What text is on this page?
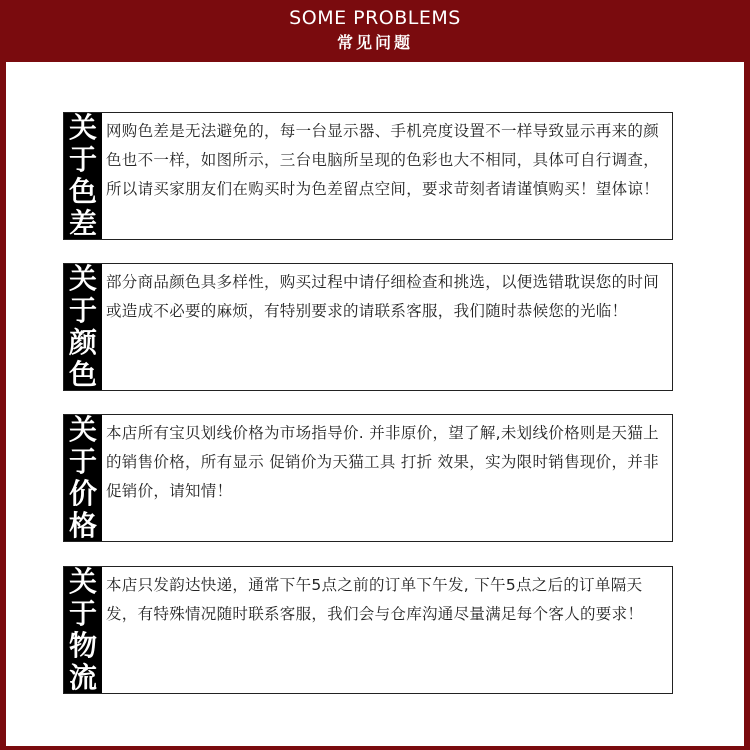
SOME PROBLEMS
常见问题
关
于
色
差
网购色差是无法避免的，每一台显示器、手机亮度设置不一样导致显示再来的颜色也不一样，如图所示，三台电脑所呈现的色彩也大不相同，具体可自行调查，所以请买家朋友们在购买时为色差留点空间，要求苛刻者请谨慎购买！望体谅！
关
于
颜
色
部分商品颜色具多样性，购买过程中请仔细检查和挑选，以便选错耽误您的时间或造成不必要的麻烦，有特别要求的请联系客服，我们随时恭候您的光临！
关
于
价
格
本店所有宝贝划线价格为市场指导价. 并非原价，望了解,未划线价格则是天猫上的销售价格，所有显示 促销价为天猫工具 打折 效果，实为限时销售现价，并非促销价，请知情！
关
于
物
流
本店只发韵达快递，通常下午5点之前的订单下午发, 下午5点之后的订单隔天发，有特殊情况随时联系客服，我们会与仓库沟通尽量满足每个客人的要求！
